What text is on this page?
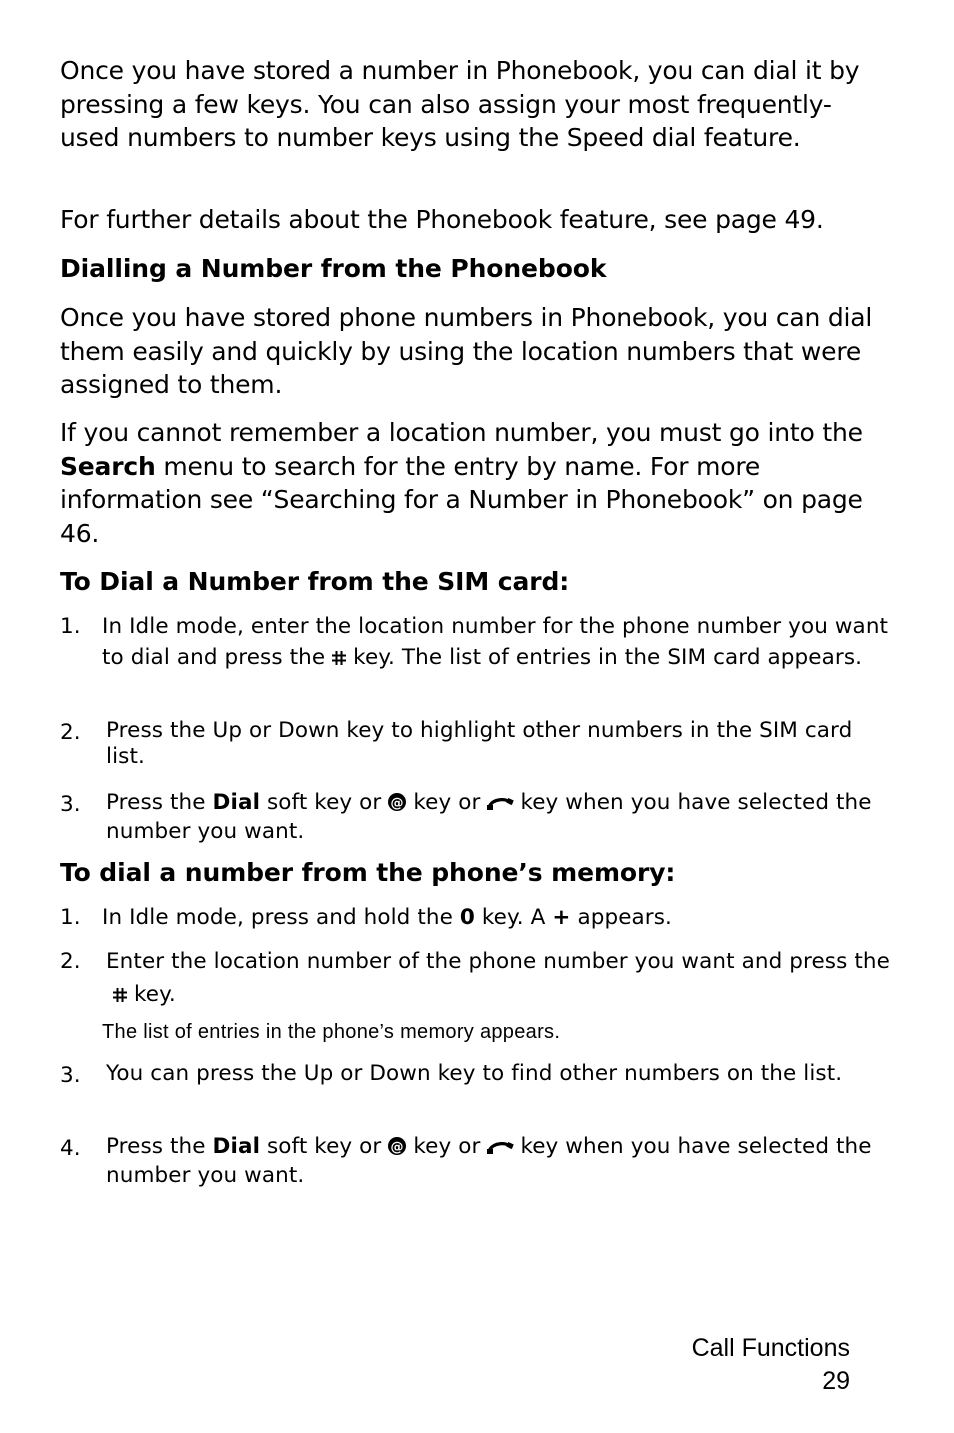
Once you have stored a number in Phonebook, you can dial it by pressing a few keys. You can also assign your most frequently-used numbers to number keys using the Speed dial feature.

For further details about the Phonebook feature, see page 49.

Dialling a Number from the Phonebook

Once you have stored phone numbers in Phonebook, you can dial them easily and quickly by using the location numbers that were assigned to them.

If you cannot remember a location number, you must go into the Search menu to search for the entry by name. For more information see “Searching for a Number in Phonebook” on page 46.

To Dial a Number from the SIM card:
1. In Idle mode, enter the location number for the phone number you want to dial and press the key. The list of entries in the SIM card appears.
2. Press the Up or Down key to highlight other numbers in the SIM card list.
3. Press the Dial soft key or @ key or key when you have selected the number you want.
To dial a number from the phone’s memory:
1. In Idle mode, press and hold the 0 key. A + appears.
2. Enter the location number of the phone number you want and press thekey.
The list of entries in the phone’s memory appears.
3. You can press the Up or Down key to find other numbers on the list.
4. Press the Dial soft key or @ key or key when you have selected the number you want.
Call Functions
29
